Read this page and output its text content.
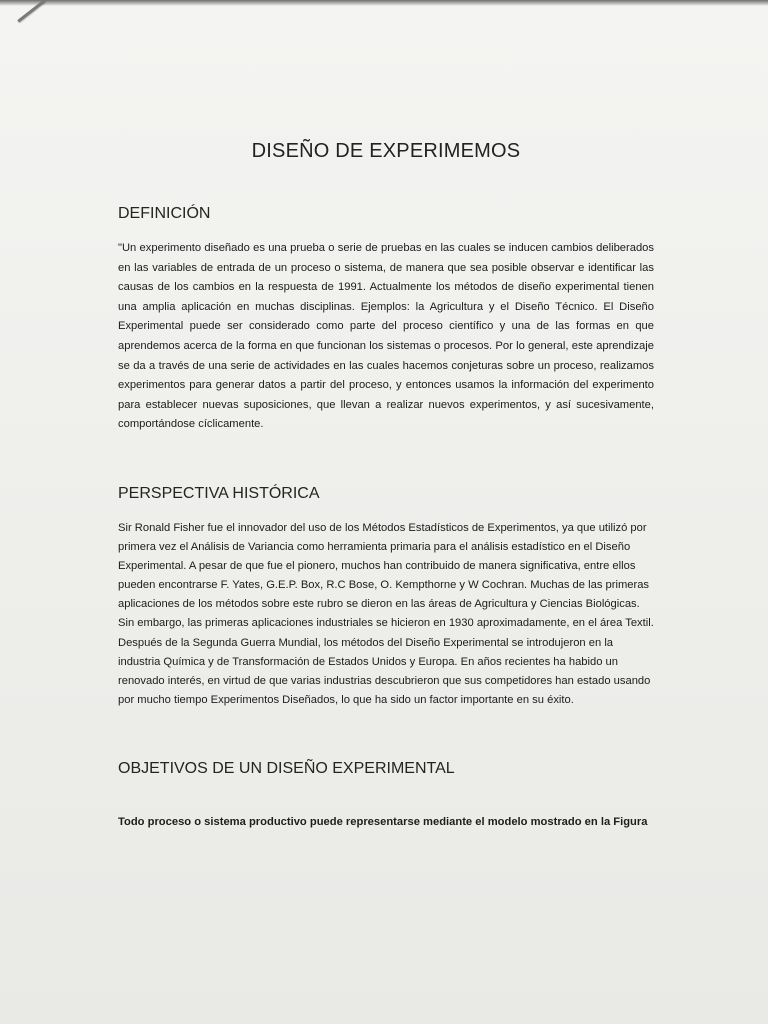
DISEÑO DE EXPERIMEMOS
DEFINICIÓN

"Un experimento diseñado es una prueba o serie de pruebas en las cuales se inducen cambios deliberados en las variables de entrada de un proceso o sistema, de manera que sea posible observar e identificar las causas de los cambios en la respuesta de 1991. Actualmente los métodos de diseño experimental tienen una amplia aplicación en muchas disciplinas. Ejemplos: la Agricultura y el Diseño Técnico. El Diseño Experimental puede ser considerado como parte del proceso científico y una de las formas en que aprendemos acerca de la forma en que funcionan los sistemas o procesos. Por lo general, este aprendizaje se da a través de una serie de actividades en las cuales hacemos conjeturas sobre un proceso, realizamos experimentos para generar datos a partir del proceso, y entonces usamos la información del experimento para establecer nuevas suposiciones, que llevan a realizar nuevos experimentos, y así sucesivamente, comportándose cíclicamente.

PERSPECTIVA HISTÓRICA

Sir Ronald Fisher fue el innovador del uso de los Métodos Estadísticos de Experimentos, ya que utilizó por primera vez el Análisis de Variancia como herramienta primaria para el análisis estadístico en el Diseño Experimental. A pesar de que fue el pionero, muchos han contribuido de manera significativa, entre ellos pueden encontrarse F. Yates, G.E.P. Box, R.C Bose, O. Kempthorne y W Cochran. Muchas de las primeras aplicaciones de los métodos sobre este rubro se dieron en las áreas de Agricultura y Ciencias Biológicas. Sin embargo, las primeras aplicaciones industriales se hicieron en 1930 aproximadamente, en el área Textil. Después de la Segunda Guerra Mundial, los métodos del Diseño Experimental se introdujeron en la industria Química y de Transformación de Estados Unidos y Europa. En años recientes ha habido un renovado interés, en virtud de que varias industrias descubrieron que sus competidores han estado usando por mucho tiempo Experimentos Diseñados, lo que ha sido un factor importante en su éxito.

OBJETIVOS DE UN DISEÑO EXPERIMENTAL

Todo proceso o sistema productivo puede representarse mediante el modelo mostrado en la Figura
